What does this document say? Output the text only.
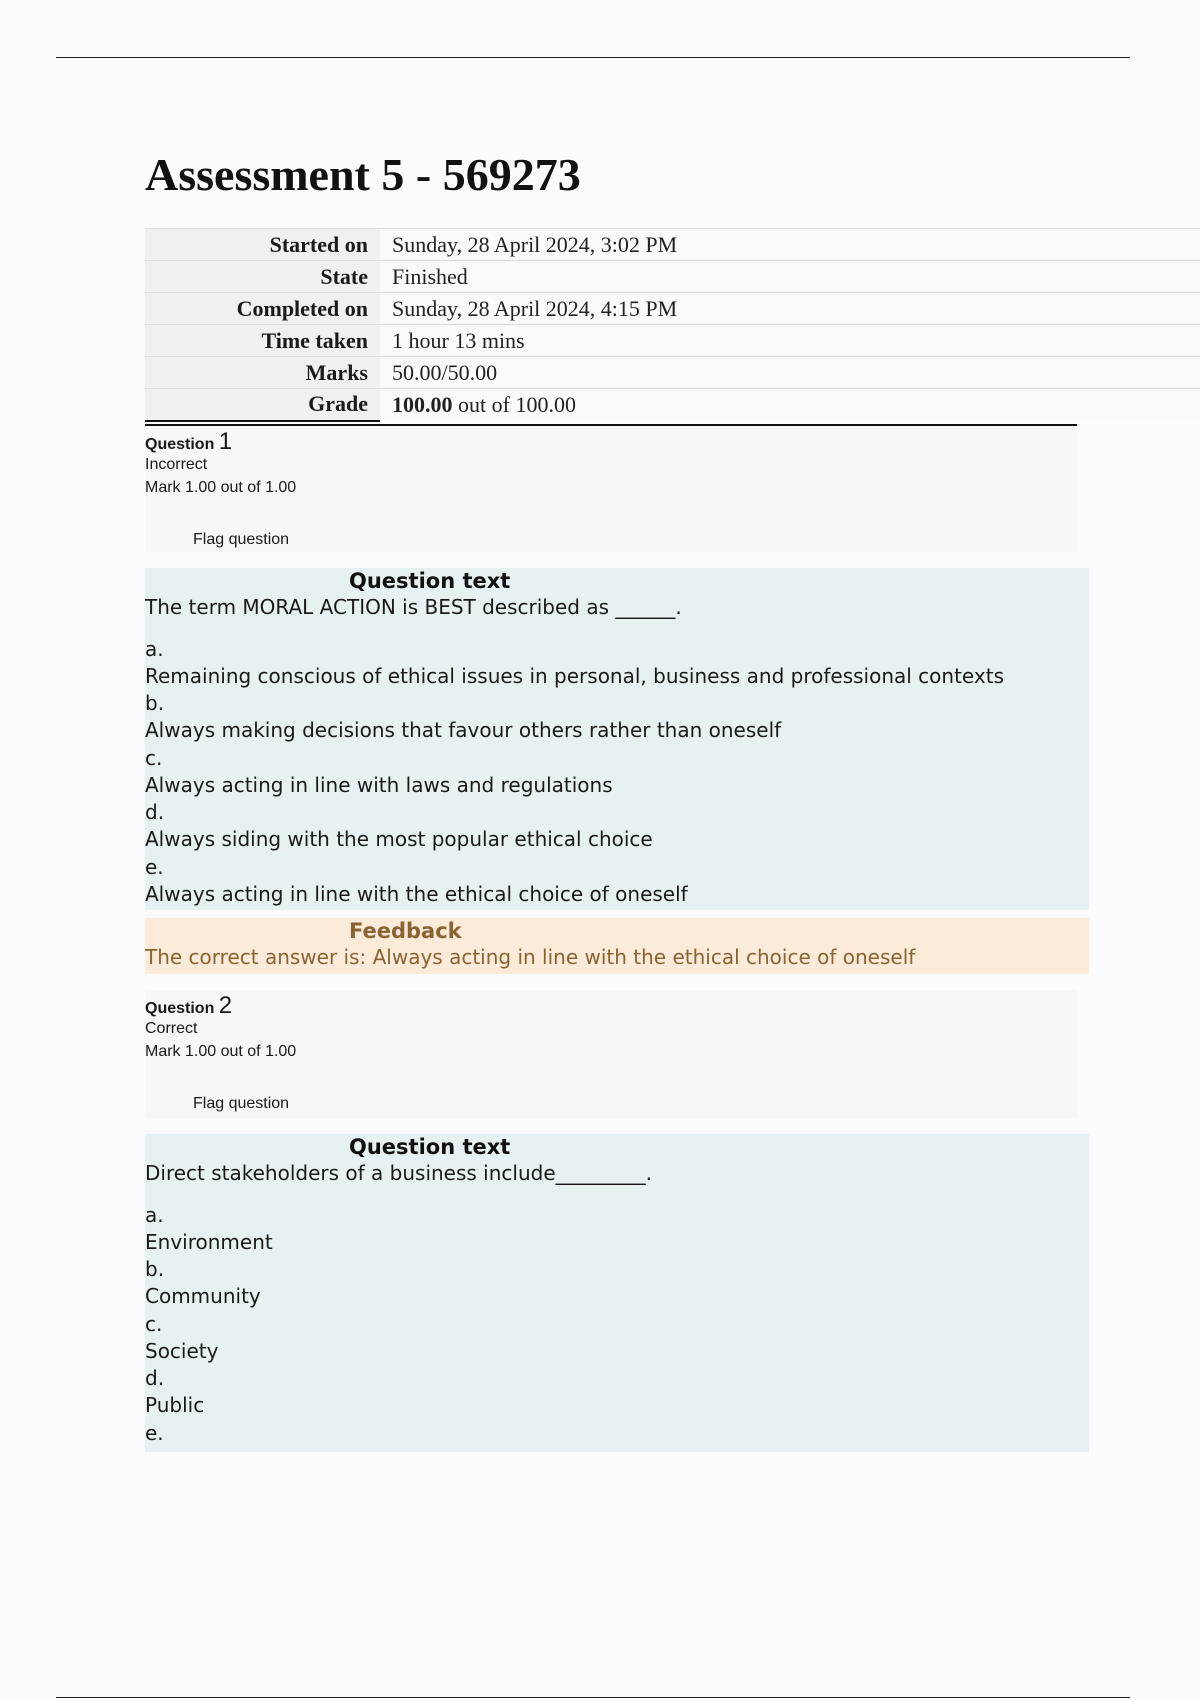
Assessment 5 - 569273
Started on	Sunday, 28 April 2024, 3:02 PM
State	Finished
Completed on	Sunday, 28 April 2024, 4:15 PM
Time taken	1 hour 13 mins
Marks	50.00/50.00
Grade	100.00 out of 100.00
Question 1
Incorrect
Mark 1.00 out of 1.00
Flag question
Question text
The term MORAL ACTION is BEST described as ______.
a.
Remaining conscious of ethical issues in personal, business and professional contexts
b.
Always making decisions that favour others rather than oneself
c.
Always acting in line with laws and regulations
d.
Always siding with the most popular ethical choice
e.
Always acting in line with the ethical choice of oneself
Feedback
The correct answer is: Always acting in line with the ethical choice of oneself
Question 2
Correct
Mark 1.00 out of 1.00
Flag question
Question text
Direct stakeholders of a business include_________.
a.
Environment
b.
Community
c.
Society
d.
Public
e.
